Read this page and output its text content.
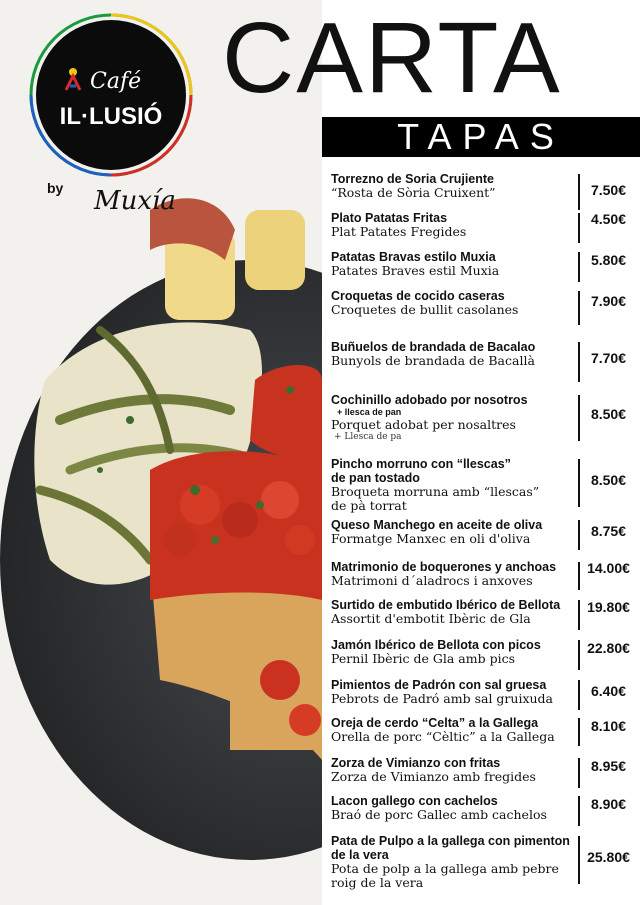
Café
IL·LUSIÓ
by Muxía
CARTA
TAPAS
Torrezno de Soria Crujiente
“Rosta de Sòria Cruixent”	7.50€
Plato Patatas Fritas
Plat Patates Fregides
4.50€
Patatas Bravas estilo Muxia
Patates Braves estil Muxia
5.80€
Croquetas de cocido caseras
Croquetes de bullit casolanes
7.90€
Buñuelos de brandada de Bacalao
Bunyols de brandada de Bacallà	7.70€
Cochinillo adobado por nosotros
+ llesca de pan
Porquet adobat per nosaltres
+ Llesca de pa
8.50€
Pincho morruno con “llescas”
de pan tostado
Broqueta morruna amb “llescas”
de pà torrat
8.50€
Queso Manchego en aceite de oliva
Formatge Manxec en oli d'oliva	8.75€
Matrimonio de boquerones y anchoas
Matrimoni d´aladrocs i anxoves
14.00€
Surtido de embutido Ibérico de Bellota
Assortit d'embotit Ibèric de Gla
19.80€
Jamón Ibérico de Bellota con picos
Pernil Ibèric de Gla amb pics
22.80€
Pimientos de Padrón con sal gruesa
Pebrots de Padró amb sal gruixuda	6.40€
Oreja de cerdo “Celta” a la Gallega
Orella de porc “Cèltic” a la Gallega
8.10€
Zorza de Vimianzo con fritas
Zorza de Vimianzo amb fregides
8.95€
Lacon gallego con cachelos
Braó de porc Gallec amb cachelos
8.90€
Pata de Pulpo a la gallega con pimenton
de la vera
Pota de polp a la gallega amb pebre
roig de la vera
25.80€
